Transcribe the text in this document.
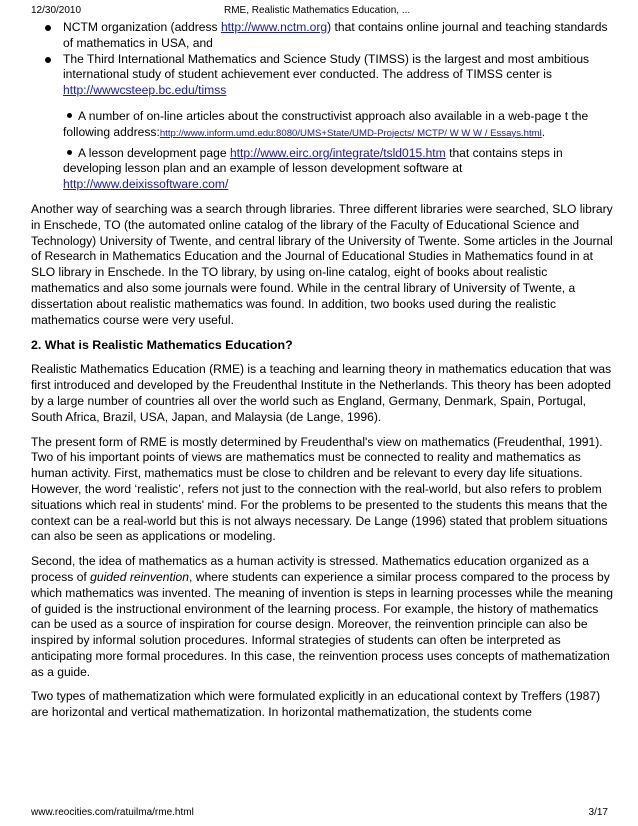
12/30/2010	RME, Realistic Mathematics Education, ...
NCTM organization (address http://www.nctm.org) that contains online journal and teaching standards of mathematics in USA, and
The Third International Mathematics and Science Study (TIMSS) is the largest and most ambitious international study of student achievement ever conducted. The address of TIMSS center is http://wwwcsteep.bc.edu/timss
A number of on-line articles about the constructivist approach also available in a web-page t the following address:http://www.inform.umd.edu:8080/UMS+State/UMD-Projects/ MCTP/ W W W / Essays.html.
A lesson development page http://www.eirc.org/integrate/tsld015.htm that contains steps in developing lesson plan and an example of lesson development software at http://www.deixissoftware.com/

Another way of searching was a search through libraries. Three different libraries were searched, SLO library in Enschede, TO (the automated online catalog of the library of the Faculty of Educational Science and Technology) University of Twente, and central library of the University of Twente. Some articles in the Journal of Research in Mathematics Education and the Journal of Educational Studies in Mathematics found in at SLO library in Enschede. In the TO library, by using on-line catalog, eight of books about realistic mathematics and also some journals were found. While in the central library of University of Twente, a dissertation about realistic mathematics was found. In addition, two books used during the realistic mathematics course were very useful.

2. What is Realistic Mathematics Education?

Realistic Mathematics Education (RME) is a teaching and learning theory in mathematics education that was first introduced and developed by the Freudenthal Institute in the Netherlands. This theory has been adopted by a large number of countries all over the world such as England, Germany, Denmark, Spain, Portugal, South Africa, Brazil, USA, Japan, and Malaysia (de Lange, 1996).

The present form of RME is mostly determined by Freudenthal's view on mathematics (Freudenthal, 1991). Two of his important points of views are mathematics must be connected to reality and mathematics as human activity. First, mathematics must be close to children and be relevant to every day life situations. However, the word ‘realistic’, refers not just to the connection with the real-world, but also refers to problem situations which real in students' mind. For the problems to be presented to the students this means that the context can be a real-world but this is not always necessary. De Lange (1996) stated that problem situations can also be seen as applications or modeling.

Second, the idea of mathematics as a human activity is stressed. Mathematics education organized as a process of guided reinvention, where students can experience a similar process compared to the process by which mathematics was invented. The meaning of invention is steps in learning processes while the meaning of guided is the instructional environment of the learning process. For example, the history of mathematics can be used as a source of inspiration for course design. Moreover, the reinvention principle can also be inspired by informal solution procedures. Informal strategies of students can often be interpreted as anticipating more formal procedures. In this case, the reinvention process uses concepts of mathematization as a guide.

Two types of mathematization which were formulated explicitly in an educational context by Treffers (1987) are horizontal and vertical mathematization. In horizontal mathematization, the students come

www.reocities.com/ratuilma/rme.html	3/17
